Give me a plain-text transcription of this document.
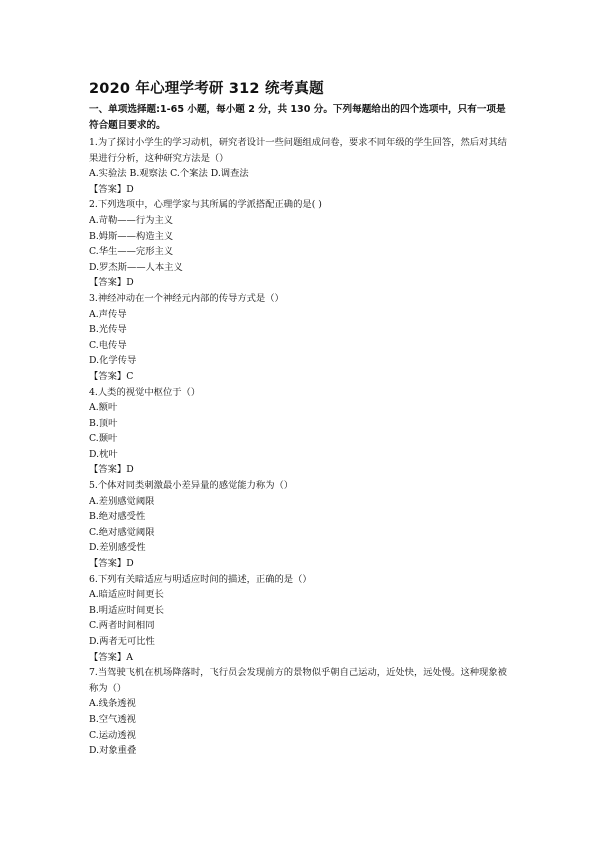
2020 年心理学考研 312 统考真题
一、单项选择题:1-65 小题，每小题 2 分，共 130 分。下列每题给出的四个选项中，只有一项是符合题目要求的。
1.为了探讨小学生的学习动机，研究者设计一些问题组成问卷，要求不同年级的学生回答，然后对其结果进行分析，这种研究方法是（）
A.实验法 B.观察法 C.个案法 D.调查法
【答案】D
2.下列选项中，心理学家与其所属的学派搭配正确的是( )
A.苛勒——行为主义
B.姆斯——构造主义
C.华生——完形主义
D.罗杰斯——人本主义
【答案】D
3.神经冲动在一个神经元内部的传导方式是（）
A.声传导
B.光传导
C.电传导
D.化学传导
【答案】C
4.人类的视觉中枢位于（）
A.额叶
B.顶叶
C.颞叶
D.枕叶
【答案】D
5.个体对同类刺激最小差异量的感觉能力称为（）
A.差别感觉阈限
B.绝对感受性
C.绝对感觉阈限
D.差别感受性
【答案】D
6.下列有关暗适应与明适应时间的描述，正确的是（）
A.暗适应时间更长
B.明适应时间更长
C.两者时间相同
D.两者无可比性
【答案】A
7.当驾驶飞机在机场降落时，飞行员会发现前方的景物似乎朝自己运动，近处快，远处慢。这种现象被称为（）
A.线条透视
B.空气透视
C.运动透视
D.对象重叠
